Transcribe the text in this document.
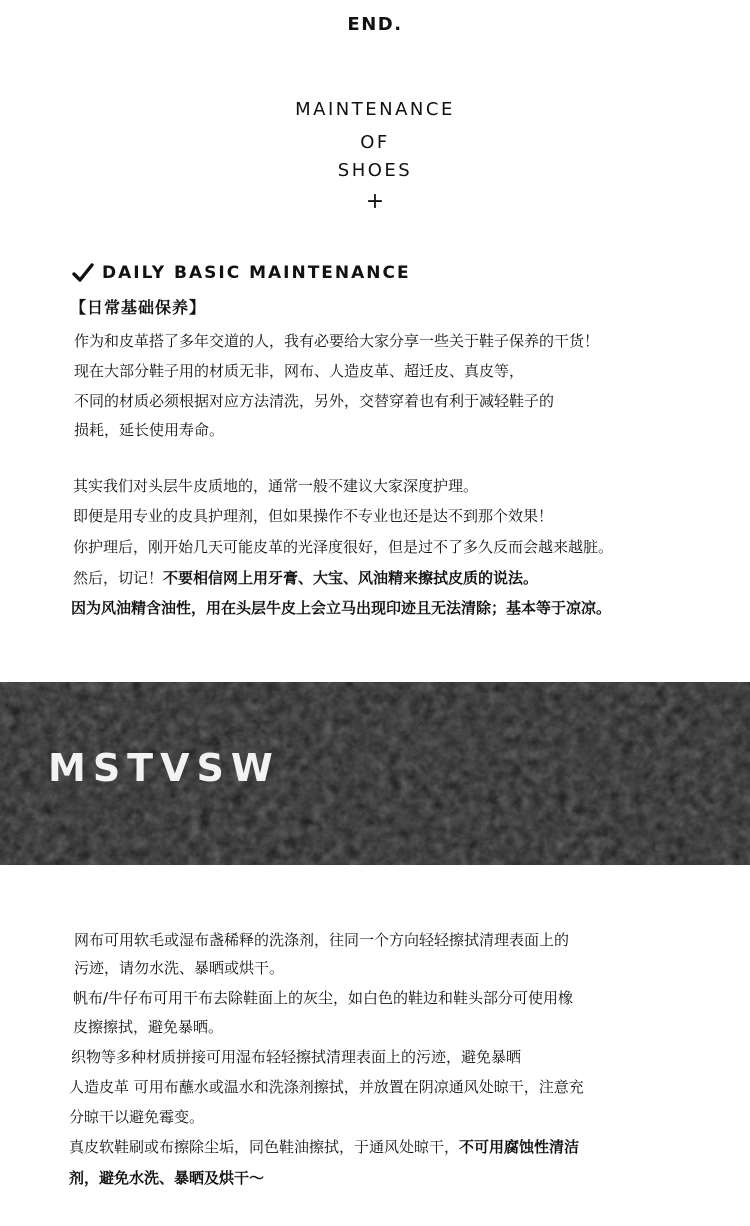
END.
MAINTENANCE
OF
SHOES
+
DAILY BASIC MAINTENANCE
【日常基础保养】
作为和皮革搭了多年交道的人，我有必要给大家分享一些关于鞋子保养的干货！
现在大部分鞋子用的材质无非，网布、人造皮革、超迁皮、真皮等，
不同的材质必须根据对应方法清洗，另外，交替穿着也有利于减轻鞋子的
损耗，延长使用寿命。
其实我们对头层牛皮质地的，通常一般不建议大家深度护理。
即便是用专业的皮具护理剂，但如果操作不专业也还是达不到那个效果！
你护理后，刚开始几天可能皮革的光泽度很好，但是过不了多久反而会越来越脏。
然后，切记！不要相信网上用牙膏、大宝、风油精来擦拭皮质的说法。
因为风油精含油性，用在头层牛皮上会立马出现印迹且无法清除；基本等于凉凉。
MSTVSW
网布可用软毛或湿布盏稀释的洗涤剂，往同一个方向轻轻擦拭清理表面上的
污迹，请勿水洗、暴晒或烘干。
帆布/牛仔布可用干布去除鞋面上的灰尘，如白色的鞋边和鞋头部分可使用橡
皮擦擦拭，避免暴晒。
织物等多种材质拼接可用湿布轻轻擦拭清理表面上的污迹，避免暴晒
人造皮革 可用布蘸水或温水和洗涤剂擦拭，并放置在阴凉通风处晾干，注意充
分晾干以避免霉变。
真皮软鞋刷或布擦除尘垢，同色鞋油擦拭，于通风处晾干，不可用腐蚀性清洁
剂，避免水洗、暴晒及烘干～
